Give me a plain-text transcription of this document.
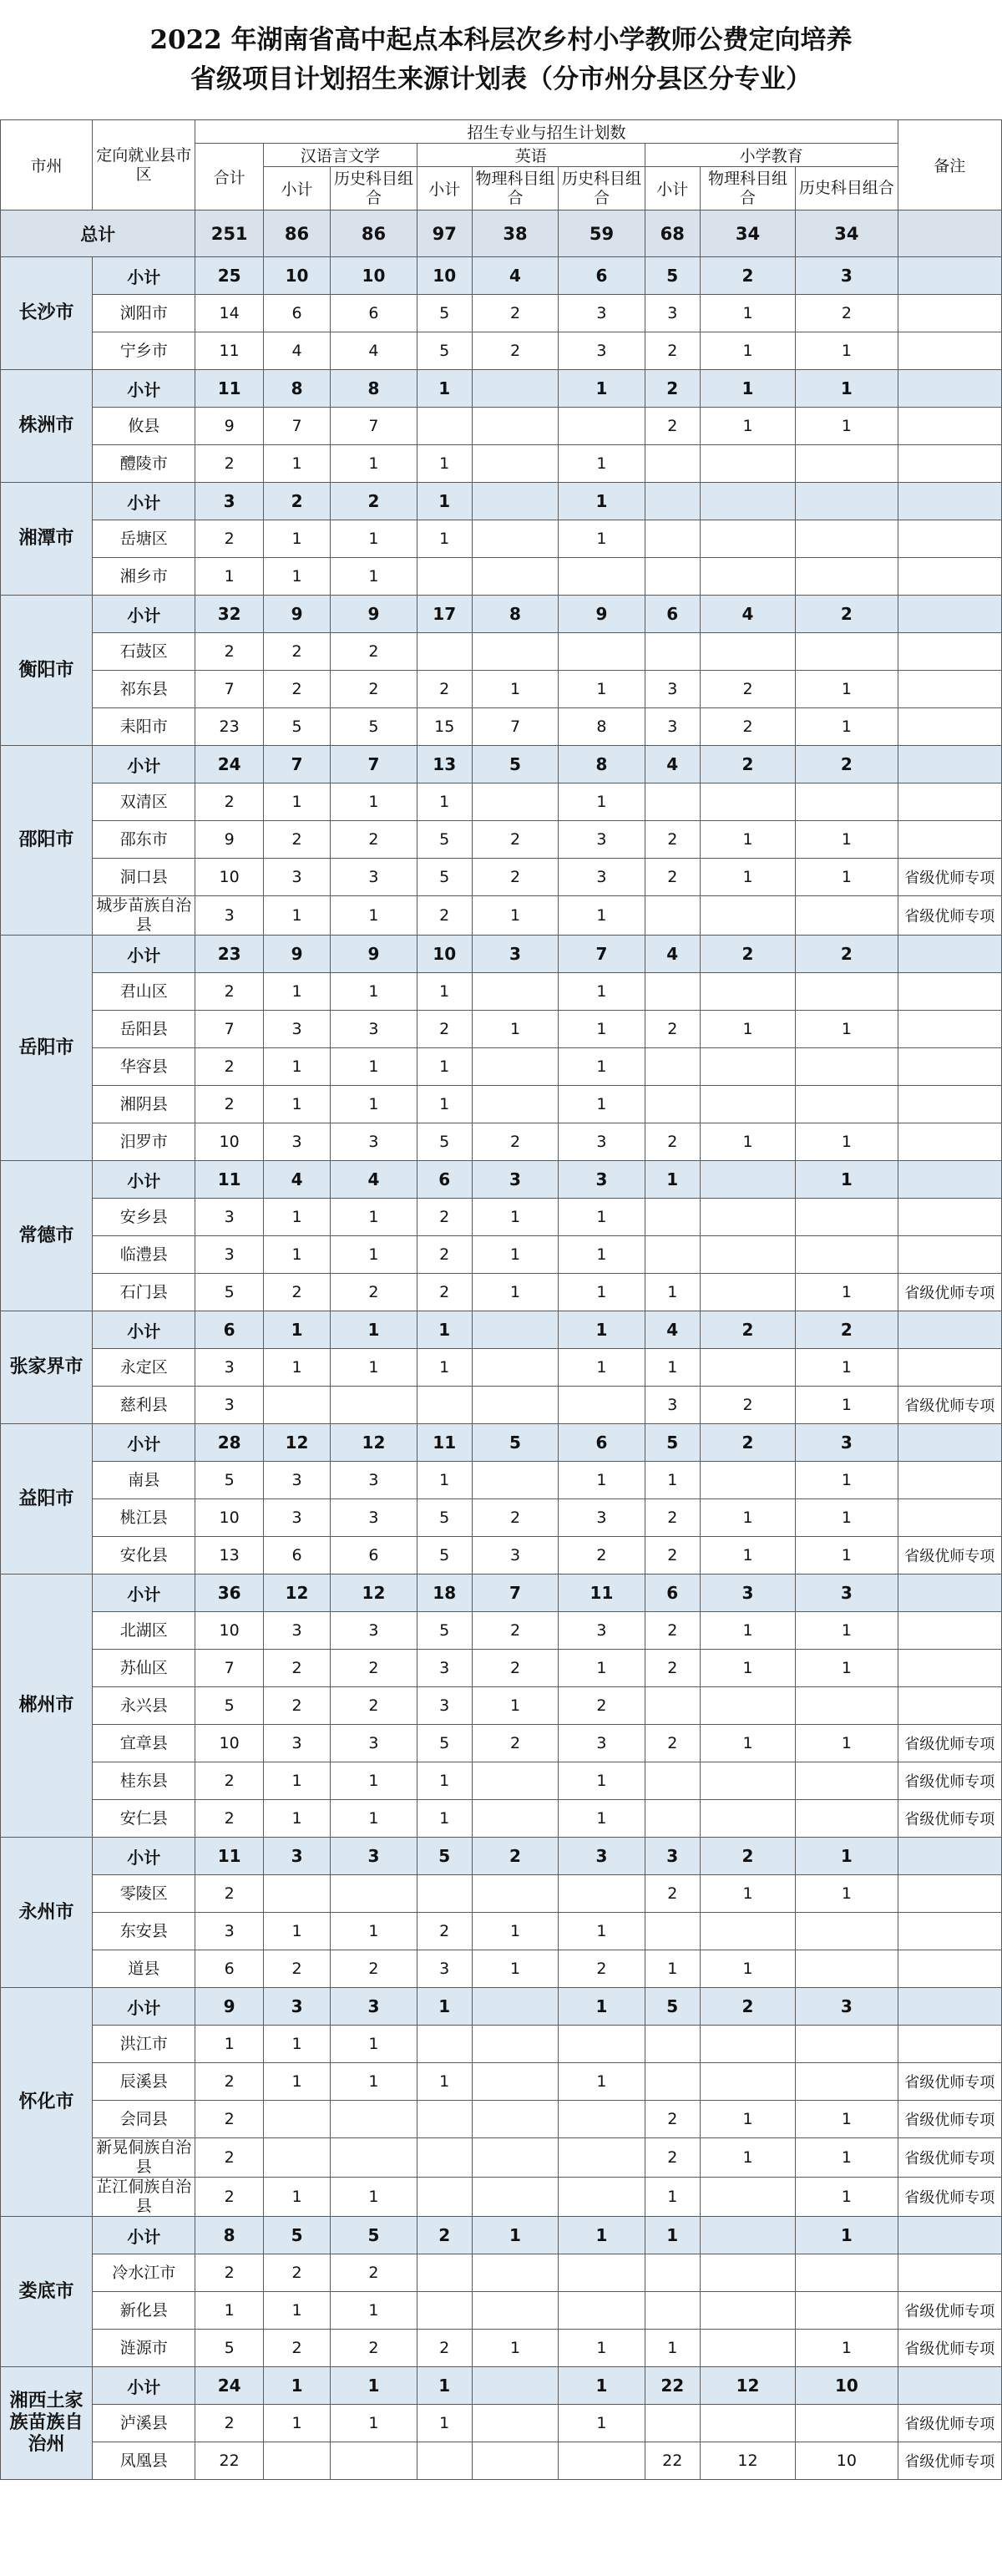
2022 年湖南省高中起点本科层次乡村小学教师公费定向培养
省级项目计划招生来源计划表（分市州分县区分专业）
市州	定向就业县市区	招生专业与招生计划数									备注
		合计	汉语言文学		英语			小学教育			
			小计	历史科目组合	小计	物理科目组合	历史科目组合	小计	物理科目组合	历史科目组合	
总计		251	86	86	97	38	59	68	34	34	
长沙市	小计	25	10	10	10	4	6	5	2	3	
	浏阳市	14	6	6	5	2	3	3	1	2	
	宁乡市	11	4	4	5	2	3	2	1	1	
株洲市	小计	11	8	8	1		1	2	1	1	
	攸县	9	7	7				2	1	1	
	醴陵市	2	1	1	1		1				
湘潭市	小计	3	2	2	1		1				
	岳塘区	2	1	1	1		1				
	湘乡市	1	1	1							
衡阳市	小计	32	9	9	17	8	9	6	4	2	
	石鼓区	2	2	2							
	祁东县	7	2	2	2	1	1	3	2	1	
	耒阳市	23	5	5	15	7	8	3	2	1	
邵阳市	小计	24	7	7	13	5	8	4	2	2	
	双清区	2	1	1	1		1				
	邵东市	9	2	2	5	2	3	2	1	1	
	洞口县	10	3	3	5	2	3	2	1	1	省级优师专项
	城步苗族自治县	3	1	1	2	1	1				省级优师专项
岳阳市	小计	23	9	9	10	3	7	4	2	2	
	君山区	2	1	1	1		1				
	岳阳县	7	3	3	2	1	1	2	1	1	
	华容县	2	1	1	1		1				
	湘阴县	2	1	1	1		1				
	汨罗市	10	3	3	5	2	3	2	1	1	
常德市	小计	11	4	4	6	3	3	1		1	
	安乡县	3	1	1	2	1	1				
	临澧县	3	1	1	2	1	1				
	石门县	5	2	2	2	1	1	1		1	省级优师专项
张家界市	小计	6	1	1	1		1	4	2	2	
	永定区	3	1	1	1		1	1		1	
	慈利县	3						3	2	1	省级优师专项
益阳市	小计	28	12	12	11	5	6	5	2	3	
	南县	5	3	3	1		1	1		1	
	桃江县	10	3	3	5	2	3	2	1	1	
	安化县	13	6	6	5	3	2	2	1	1	省级优师专项
郴州市	小计	36	12	12	18	7	11	6	3	3	
	北湖区	10	3	3	5	2	3	2	1	1	
	苏仙区	7	2	2	3	2	1	2	1	1	
	永兴县	5	2	2	3	1	2				
	宜章县	10	3	3	5	2	3	2	1	1	省级优师专项
	桂东县	2	1	1	1		1				省级优师专项
	安仁县	2	1	1	1		1				省级优师专项
永州市	小计	11	3	3	5	2	3	3	2	1	
	零陵区	2						2	1	1	
	东安县	3	1	1	2	1	1				
	道县	6	2	2	3	1	2	1	1		
怀化市	小计	9	3	3	1		1	5	2	3	
	洪江市	1	1	1							
	辰溪县	2	1	1	1		1				省级优师专项
	会同县	2						2	1	1	省级优师专项
	新晃侗族自治县	2						2	1	1	省级优师专项
	芷江侗族自治县	2	1	1				1		1	省级优师专项
娄底市	小计	8	5	5	2	1	1	1		1	
	冷水江市	2	2	2							
	新化县	1	1	1							省级优师专项
	涟源市	5	2	2	2	1	1	1		1	省级优师专项
湘西土家族苗族自治州	小计	24	1	1	1		1	22	12	10	
	泸溪县	2	1	1	1		1				省级优师专项
	凤凰县	22						22	12	10	省级优师专项
